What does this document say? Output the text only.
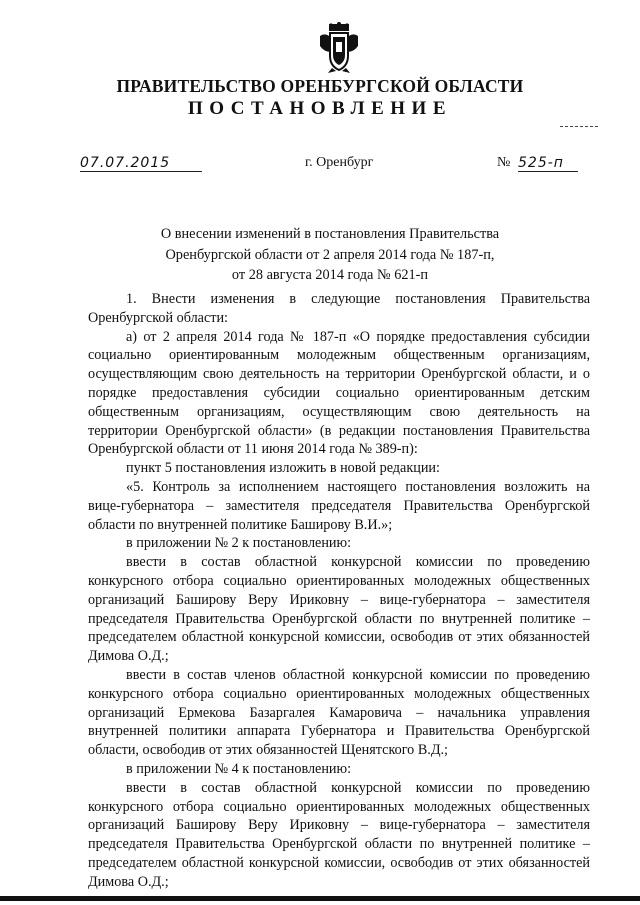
ПРАВИТЕЛЬСТВО ОРЕНБУРГСКОЙ ОБЛАСТИ
ПОСТАНОВЛЕНИЕ
07.07.2015	г. Оренбург	№ 525-п
О внесении изменений в постановления Правительства
Оренбургской области от 2 апреля 2014 года № 187-п,
от 28 августа 2014 года № 621-п

1. Внести изменения в следующие постановления Правительства Оренбургской области:

а) от 2 апреля 2014 года № 187-п «О порядке предоставления субсидии социально ориентированным молодежным общественным организациям, осуществляющим свою деятельность на территории Оренбургской области, и о порядке предоставления субсидии социально ориентированным детским общественным организациям, осуществляющим свою деятельность на территории Оренбургской области» (в редакции постановления Правительства Оренбургской области от 11 июня 2014 года № 389-п):

пункт 5 постановления изложить в новой редакции:

«5. Контроль за исполнением настоящего постановления возложить на вице-губернатора – заместителя председателя Правительства Оренбургской области по внутренней политике Баширову В.И.»;

в приложении № 2 к постановлению:

ввести в состав областной конкурсной комиссии по проведению конкурсного отбора социально ориентированных молодежных общественных организаций Баширову Веру Ириковну – вице-губернатора – заместителя председателя Правительства Оренбургской области по внутренней политике – председателем областной конкурсной комиссии, освободив от этих обязанностей Димова О.Д.;

ввести в состав членов областной конкурсной комиссии по проведению конкурсного отбора социально ориентированных молодежных общественных организаций Ермекова Базаргалея Камаровича – начальника управления внутренней политики аппарата Губернатора и Правительства Оренбургской области, освободив от этих обязанностей Щенятского В.Д.;

в приложении № 4 к постановлению:

ввести в состав областной конкурсной комиссии по проведению конкурсного отбора социально ориентированных молодежных общественных организаций Баширову Веру Ириковну – вице-губернатора – заместителя председателя Правительства Оренбургской области по внутренней политике – председателем областной конкурсной комиссии, освободив от этих обязанностей Димова О.Д.;
